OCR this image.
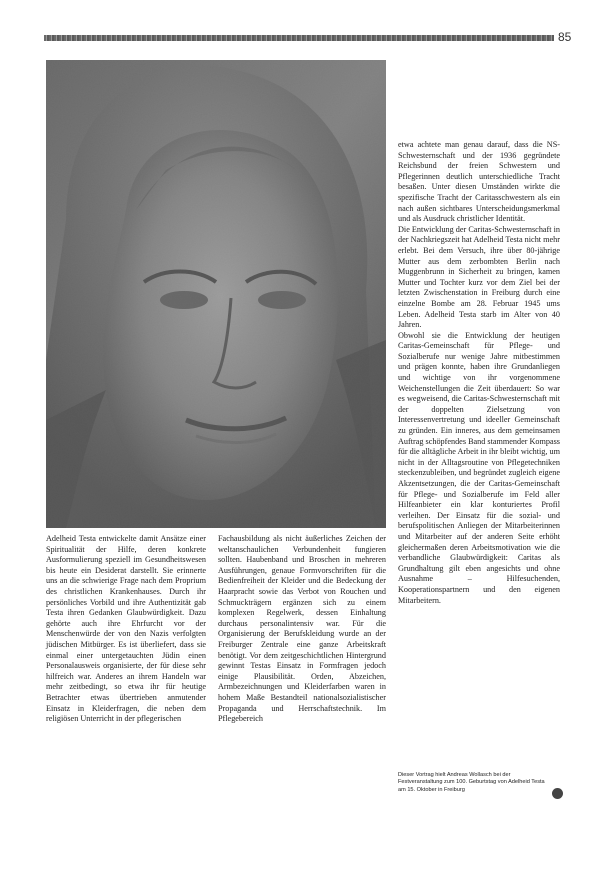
85

Adelheid Testa entwickelte damit Ansätze einer Spiritualität der Hilfe, deren konkrete Ausformulierung speziell im Gesundheitswesen bis heute ein Desiderat darstellt. Sie erinnerte uns an die schwierige Frage nach dem Proprium des christlichen Krankenhauses. Durch ihr persönliches Vorbild und ihre Authentizität gab Testa ihren Gedanken Glaubwürdigkeit. Dazu gehörte auch ihre Ehrfurcht vor der Menschenwürde der von den Nazis verfolgten jüdischen Mitbürger. Es ist überliefert, dass sie einmal einer untergetauchten Jüdin einen Personalausweis organisierte, der für diese sehr hilfreich war. Anderes an ihrem Handeln war mehr zeitbedingt, so etwa ihr für heutige Betrachter etwas übertrieben anmutender Einsatz in Kleiderfragen, die neben dem religiösen Unterricht in der pflegerischen

Fachausbildung als nicht äußerliches Zeichen der weltanschaulichen Verbundenheit fungieren sollten. Haubenband und Broschen in mehreren Ausführungen, genaue Formvorschriften für die Bedienfreiheit der Kleider und die Bedeckung der Haarpracht sowie das Verbot von Rouchen und Schmuckträgern ergänzen sich zu einem komplexen Regelwerk, dessen Einhaltung durchaus personalintensiv war. Für die Organisierung der Berufskleidung wurde an der Freiburger Zentrale eine ganze Arbeitskraft benötigt. Vor dem zeitgeschichtlichen Hintergrund gewinnt Testas Einsatz in Formfragen jedoch einige Plausibilität. Orden, Abzeichen, Armbezeichnungen und Kleiderfarben waren in hohem Maße Bestandteil nationalsozialistischer Propaganda und Herrschaftstechnik. Im Pflegebereich

etwa achtete man genau darauf, dass die NS-Schwesternschaft und der 1936 gegründete Reichsbund der freien Schwestern und Pflegerinnen deutlich unterschiedliche Tracht besaßen. Unter diesen Umständen wirkte die spezifische Tracht der Caritasschwestern als ein nach außen sichtbares Unterscheidungsmerkmal und als Ausdruck christlicher Identität.

Die Entwicklung der Caritas-Schwesternschaft in der Nachkriegszeit hat Adelheid Testa nicht mehr erlebt. Bei dem Versuch, ihre über 80-jährige Mutter aus dem zerbombten Berlin nach Muggenbrunn in Sicherheit zu bringen, kamen Mutter und Tochter kurz vor dem Ziel bei der letzten Zwischenstation in Freiburg durch eine einzelne Bombe am 28. Februar 1945 ums Leben. Adelheid Testa starb im Alter von 40 Jahren.

Obwohl sie die Entwicklung der heutigen Caritas-Gemeinschaft für Pflege- und Sozialberufe nur wenige Jahre mitbestimmen und prägen konnte, haben ihre Grundanliegen und wichtige von ihr vorgenommene Weichenstellungen die Zeit überdauert: So war es wegweisend, die Caritas-Schwesternschaft mit der doppelten Zielsetzung von Interessenvertretung und ideeller Gemeinschaft zu gründen. Ein inneres, aus dem gemeinsamen Auftrag schöpfendes Band stammender Kompass für die alltägliche Arbeit in ihr bleibt wichtig, um nicht in der Alltagsroutine von Pflegetechniken steckenzubleiben, und begründet zugleich eigene Akzentsetzungen, die der Caritas-Gemeinschaft für Pflege- und Sozialberufe im Feld aller Hilfeanbieter ein klar konturiertes Profil verleihen. Der Einsatz für die sozial- und berufspolitischen Anliegen der Mitarbeiterinnen und Mitarbeiter auf der anderen Seite erhöht gleichermaßen deren Arbeitsmotivation wie die verbandliche Glaubwürdigkeit: Caritas als Grundhaltung gilt eben angesichts und ohne Ausnahme – Hilfesuchenden, Kooperationspartnern und den eigenen Mitarbeitern.

Dieser Vortrag hielt Andreas Wollasch bei der Festveranstaltung zum 100. Geburtstag von Adelheid Testa am 15. Oktober in Freiburg
